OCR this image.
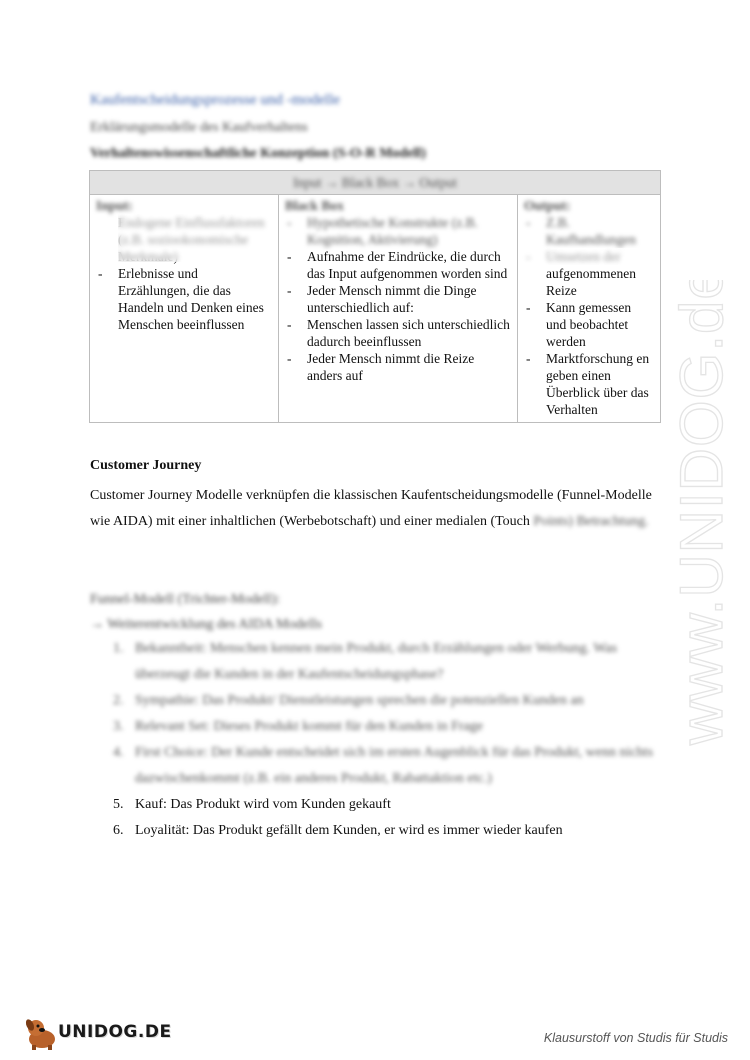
Kaufentscheidungsprozesse und -modelle
Erklärungsmodelle des Kaufverhaltens
Verhaltenswissenschaftliche Konzeption (S-O-R Modell)
Input → Black Box → Output

Input:
-
- Erlebnisse und Erzählungen, die das Handeln und Denken eines Menschen beeinflussen

Black Box
- Hypothetische Konstrukte (z.B. Kognition, Aktivierung)
- Aufnahme der Eindrücke, die durch das Input aufgenommen worden sind
- Jeder Mensch nimmt die Dinge unterschiedlich auf:
- Menschen lassen sich unterschiedlich dadurch beeinflussen
- Jeder Mensch nimmt die Reize anders auf

Output:
- Z.B. Kaufhandlungen
- aufgenommenen Reize
- Kann gemessen und beobachtet werden
- Marktforschung en geben einen Überblick über das Verhalten
Customer Journey
Customer Journey Modelle verknüpfen die klassischen Kaufentscheidungsmodelle (Funnel-Modelle wie AIDA) mit einer inhaltlichen (Werbebotschaft) und einer medialen (Touch Points) Betrachtung.
Funnel-Modell (Trichter-Modell):
→ Weiterentwicklung des AIDA Modells
1. Bekanntheit: Menschen kennen mein Produkt, durch Erzählungen oder Werbung. Was überzeugt die Kunden in der Kaufentscheidungsphase?
2. Sympathie: Das Produkt/ Dienstleistungen sprechen die potenziellen Kunden an
3. Relevant Set: Dieses Produkt kommt für den Kunden in Frage
4. First Choice: Der Kunde entscheidet sich im ersten Augenblick für das Produkt, wenn nichts dazwischenkommt (z.B. ein anderes Produkt, Rabattaktion etc.)
5. Kauf: Das Produkt wird vom Kunden gekauft
6. Loyalität: Das Produkt gefällt dem Kunden, er wird es immer wieder kaufen
www.UNIDOG.de
UNIDOG.DE	Klausurstoff von Studis für Studis
